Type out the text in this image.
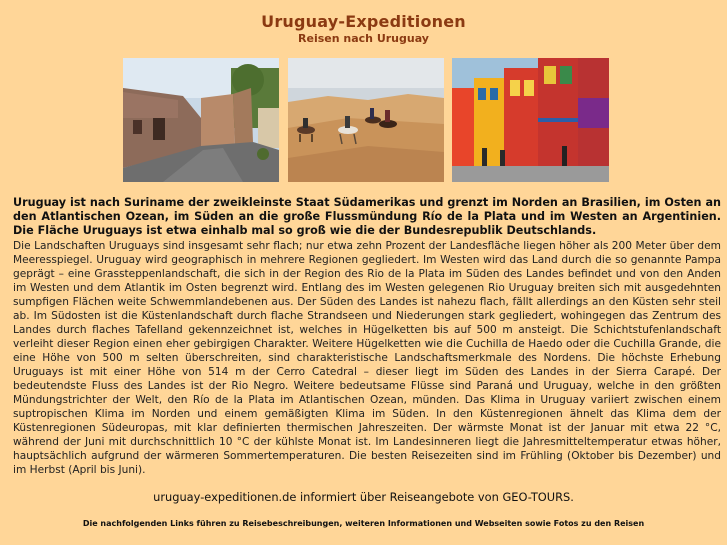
Uruguay-Expeditionen
Reisen nach Uruguay
Uruguay ist nach Suriname der zweikleinste Staat Südamerikas und grenzt im Norden an Brasilien, im Osten an den Atlantischen Ozean, im Süden an die große Flussmündung Río de la Plata und im Westen an Argentinien. Die Fläche Uruguays ist etwa einhalb mal so groß wie die der Bundesrepublik Deutschlands.
Die Landschaften Uruguays sind insgesamt sehr flach; nur etwa zehn Prozent der Landesfläche liegen höher als 200 Meter über dem Meeresspiegel. Uruguay wird geographisch in mehrere Regionen gegliedert. Im Westen wird das Land durch die so genannte Pampa geprägt – eine Grassteppenlandschaft, die sich in der Region des Rio de la Plata im Süden des Landes befindet und von den Anden im Westen und dem Atlantik im Osten begrenzt wird. Entlang des im Westen gelegenen Rio Uruguay breiten sich mit ausgedehnten sumpfigen Flächen weite Schwemmlandebenen aus. Der Süden des Landes ist nahezu flach, fällt allerdings an den Küsten sehr steil ab. Im Südosten ist die Küstenlandschaft durch flache Strandseen und Niederungen stark gegliedert, wohingegen das Zentrum des Landes durch flaches Tafelland gekennzeichnet ist, welches in Hügelketten bis auf 500 m ansteigt. Die Schichtstufenlandschaft verleiht dieser Region einen eher gebirgigen Charakter. Weitere Hügelketten wie die Cuchilla de Haedo oder die Cuchilla Grande, die eine Höhe von 500 m selten überschreiten, sind charakteristische Landschaftsmerkmale des Nordens. Die höchste Erhebung Uruguays ist mit einer Höhe von 514 m der Cerro Catedral – dieser liegt im Süden des Landes in der Sierra Carapé. Der bedeutendste Fluss des Landes ist der Rio Negro. Weitere bedeutsame Flüsse sind Paraná und Uruguay, welche in den größten Mündungstrichter der Welt, den Río de la Plata im Atlantischen Ozean, münden. Das Klima in Uruguay variiert zwischen einem suptropischen Klima im Norden und einem gemäßigten Klima im Süden. In den Küstenregionen ähnelt das Klima dem der Küstenregionen Südeuropas, mit klar definierten thermischen Jahreszeiten. Der wärmste Monat ist der Januar mit etwa 22 °C, während der Juni mit durchschnittlich 10 °C der kühlste Monat ist. Im Landesinneren liegt die Jahresmitteltemperatur etwas höher, hauptsächlich aufgrund der wärmeren Sommertemperaturen. Die besten Reisezeiten sind im Frühling (Oktober bis Dezember) und im Herbst (April bis Juni).
uruguay-expeditionen.de informiert über Reiseangebote von GEO-TOURS.
Die nachfolgenden Links führen zu Reisebeschreibungen, weiteren Informationen und Webseiten sowie Fotos zu den Reisen
